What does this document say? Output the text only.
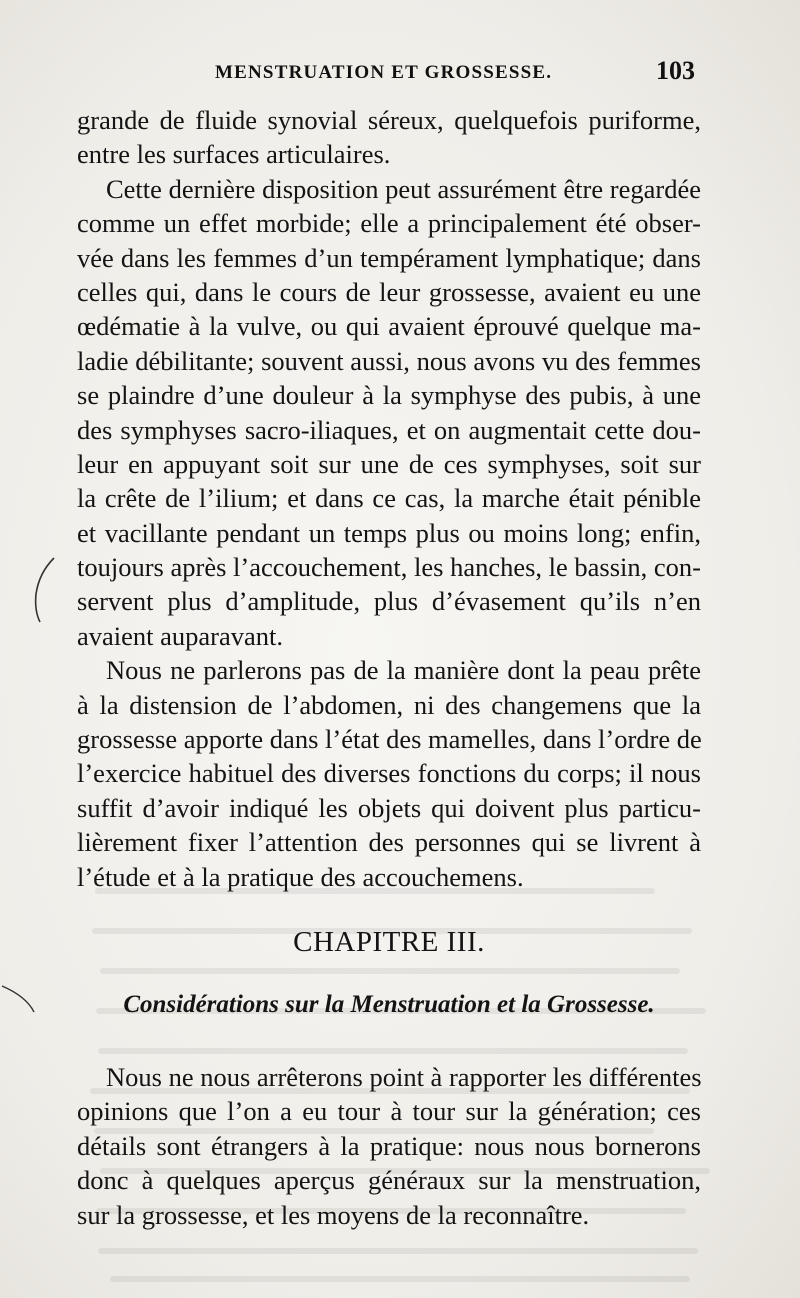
MENSTRUATION ET GROSSESSE.	103
grande de fluide synovial séreux, quelquefois puriforme,
entre les surfaces articulaires.
Cette dernière disposition peut assurément être regardée
comme un effet morbide; elle a principalement été obser-
vée dans les femmes d’un tempérament lymphatique; dans
celles qui, dans le cours de leur grossesse, avaient eu une
œdématie à la vulve, ou qui avaient éprouvé quelque ma-
ladie débilitante; souvent aussi, nous avons vu des femmes
se plaindre d’une douleur à la symphyse des pubis, à une
des symphyses sacro-iliaques, et on augmentait cette dou-
leur en appuyant soit sur une de ces symphyses, soit sur
la crête de l’ilium; et dans ce cas, la marche était pénible
et vacillante pendant un temps plus ou moins long; enfin,
toujours après l’accouchement, les hanches, le bassin, con-
servent plus d’amplitude, plus d’évasement qu’ils n’en
avaient auparavant.
Nous ne parlerons pas de la manière dont la peau prête
à la distension de l’abdomen, ni des changemens que la
grossesse apporte dans l’état des mamelles, dans l’ordre de
l’exercice habituel des diverses fonctions du corps; il nous
suffit d’avoir indiqué les objets qui doivent plus particu-
lièrement fixer l’attention des personnes qui se livrent à
l’étude et à la pratique des accouchemens.
CHAPITRE III.
Considérations sur la Menstruation et la Grossesse.
Nous ne nous arrêterons point à rapporter les différentes
opinions que l’on a eu tour à tour sur la génération; ces
détails sont étrangers à la pratique: nous nous bornerons
donc à quelques aperçus généraux sur la menstruation,
sur la grossesse, et les moyens de la reconnaître.
